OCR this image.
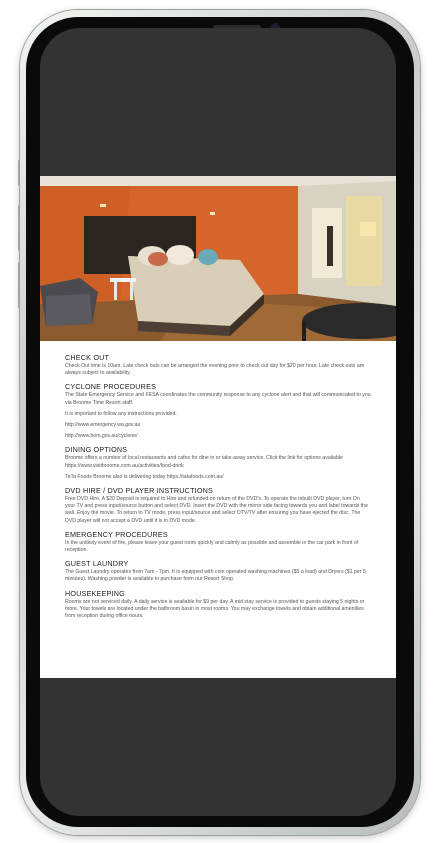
CHECK OUT

Check Out time is 10am. Late check outs can be arranged the evening prior to check out day for $20 per hour. Late check outs are always subject to availability.

CYCLONE PROCEDURES

The State Emergency Service and FESA coordinates the community response to any cyclone alert and that will communicated to you via Broome Time Resort staff.

It is important to follow any instructions provided.

http://www.emergency.wa.gov.au

http://www.bom.gov.au/cyclone/

DINING OPTIONS

Broome offers a number of local restaurants and cafes for dine in or take-away service. Click the link for options available https://www.visitbroome.com.au/activities/food-drink

TaTa Foods Broome also is delivering today https://tatafoods.com.au/

DVD HIRE / DVD PLAYER INSTRUCTIONS

Free DVD Hire. A $20 Deposit is required to Hire and refunded on return of the DVD's. To operate the inbuilt DVD player, turn On your TV and press input/source button and select DVD. Insert the DVD with the mirror side facing towards you and label towards the wall. Enjoy the movie. To return to TV mode, press input/source and select DTV/TV after ensuring you have ejected the disc. The DVD player will not accept a DVD until it is in DVD mode.

EMERGENCY PROCEDURES

In the unlikely event of fire, please leave your guest room quickly and calmly as possible and assemble in the car park in front of reception.

GUEST LAUNDRY

The Guest Laundry operates from 7am - 7pm. It is equipped with coin operated washing machines ($5 a load) and Dryers ($1 per 5 minutes). Washing powder is available to purchase from our Resort Shop.

HOUSEKEEPING

Rooms are not serviced daily. A daily service is available for $9 per day. A mid stay service is provided to guests staying 5 nights or more. Your towels are located under the bathroom basin in most rooms. You may exchange towels and obtain additional amenities from reception during office hours.
